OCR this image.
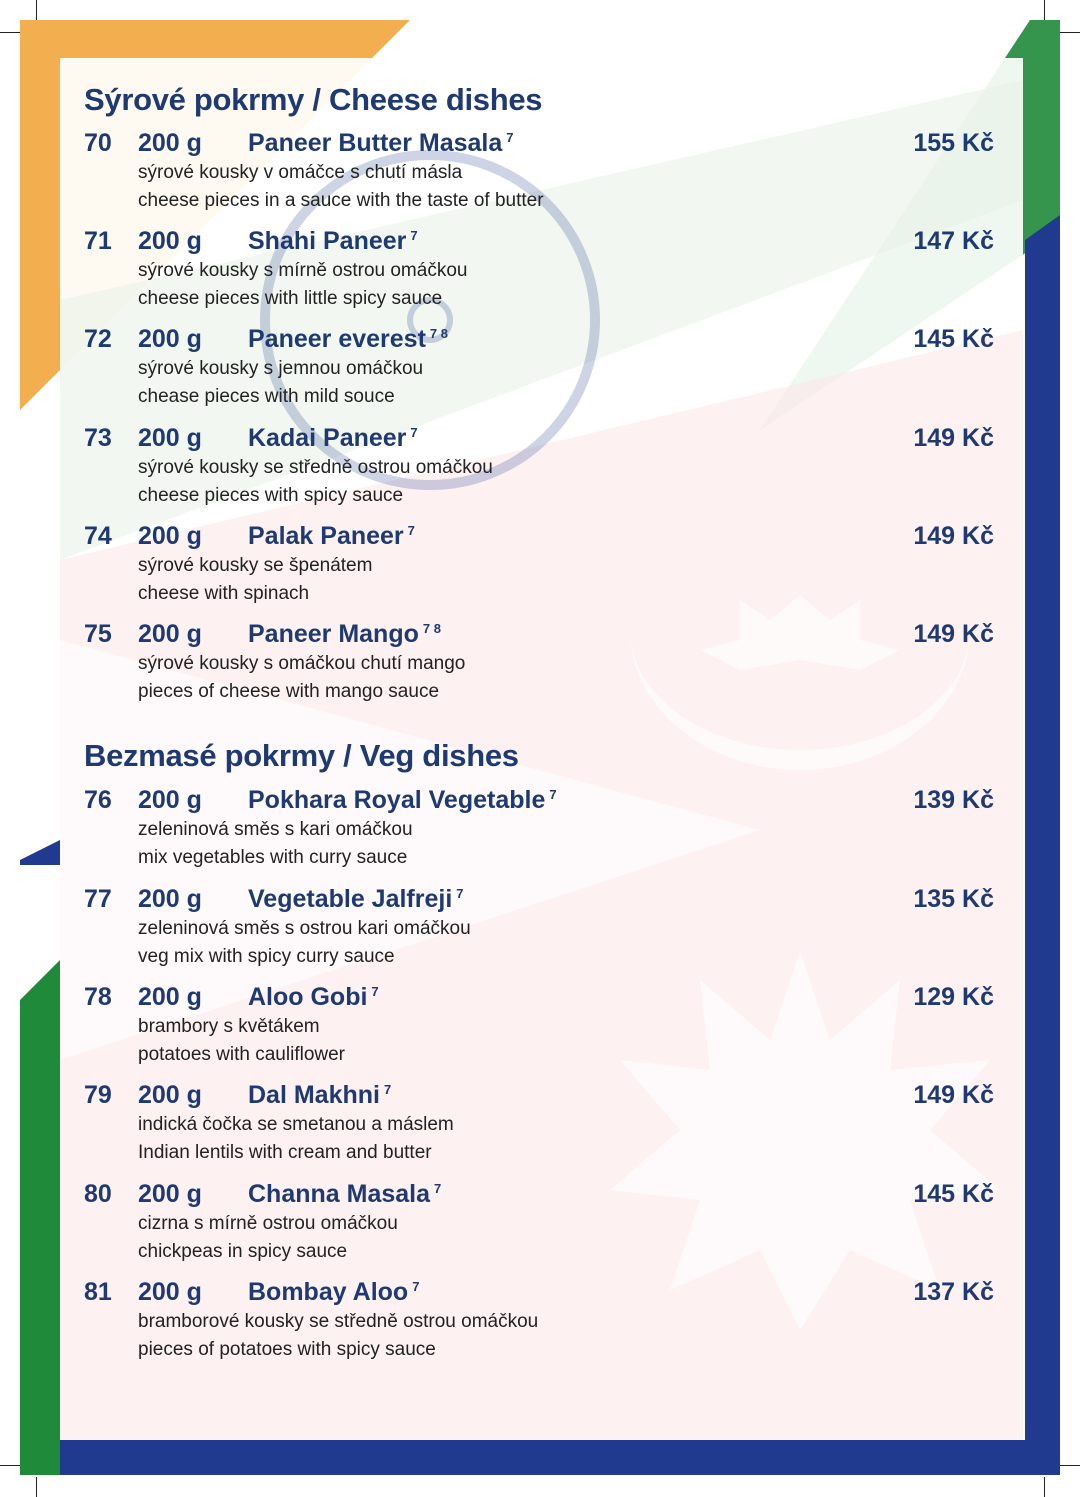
Sýrové pokrmy / Cheese dishes
70 200 g Paneer Butter Masala $^7$	155 Kč
sýrové kousky v omáčce s chutí másla
cheese pieces in a sauce with the taste of butter
71 200 g Shahi Paneer $^7$	147 Kč
sýrové kousky s mírně ostrou omáčkou
cheese pieces with little spicy sauce
72 200 g Paneer everest $^{7 8}$	145 Kč
sýrové kousky s jemnou omáčkou
chease pieces with mild souce
73 200 g Kadai Paneer $^7$	149 Kč
sýrové kousky se středně ostrou omáčkou
cheese pieces with spicy sauce
74 200 g Palak Paneer $^7$	149 Kč
sýrové kousky se špenátem
cheese with spinach
75 200 g Paneer Mango $^{7 8}$	149 Kč
sýrové kousky s omáčkou chutí mango
pieces of cheese with mango sauce
Bezmasé pokrmy / Veg dishes
76 200 g Pokhara Royal Vegetable $^7$	139 Kč
zeleninová směs s kari omáčkou
mix vegetables with curry sauce
77 200 g Vegetable Jalfreji $^7$	135 Kč
zeleninová směs s ostrou kari omáčkou
veg mix with spicy curry sauce
78 200 g Aloo Gobi $^7$	129 Kč
brambory s květákem
potatoes with cauliflower
79 200 g Dal Makhni $^7$	149 Kč
indická čočka se smetanou a máslem
Indian lentils with cream and butter
80 200 g Channa Masala $^7$	145 Kč
cizrna s mírně ostrou omáčkou
chickpeas in spicy sauce
81 200 g Bombay Aloo $^7$	137 Kč
bramborové kousky se středně ostrou omáčkou
pieces of potatoes with spicy sauce
